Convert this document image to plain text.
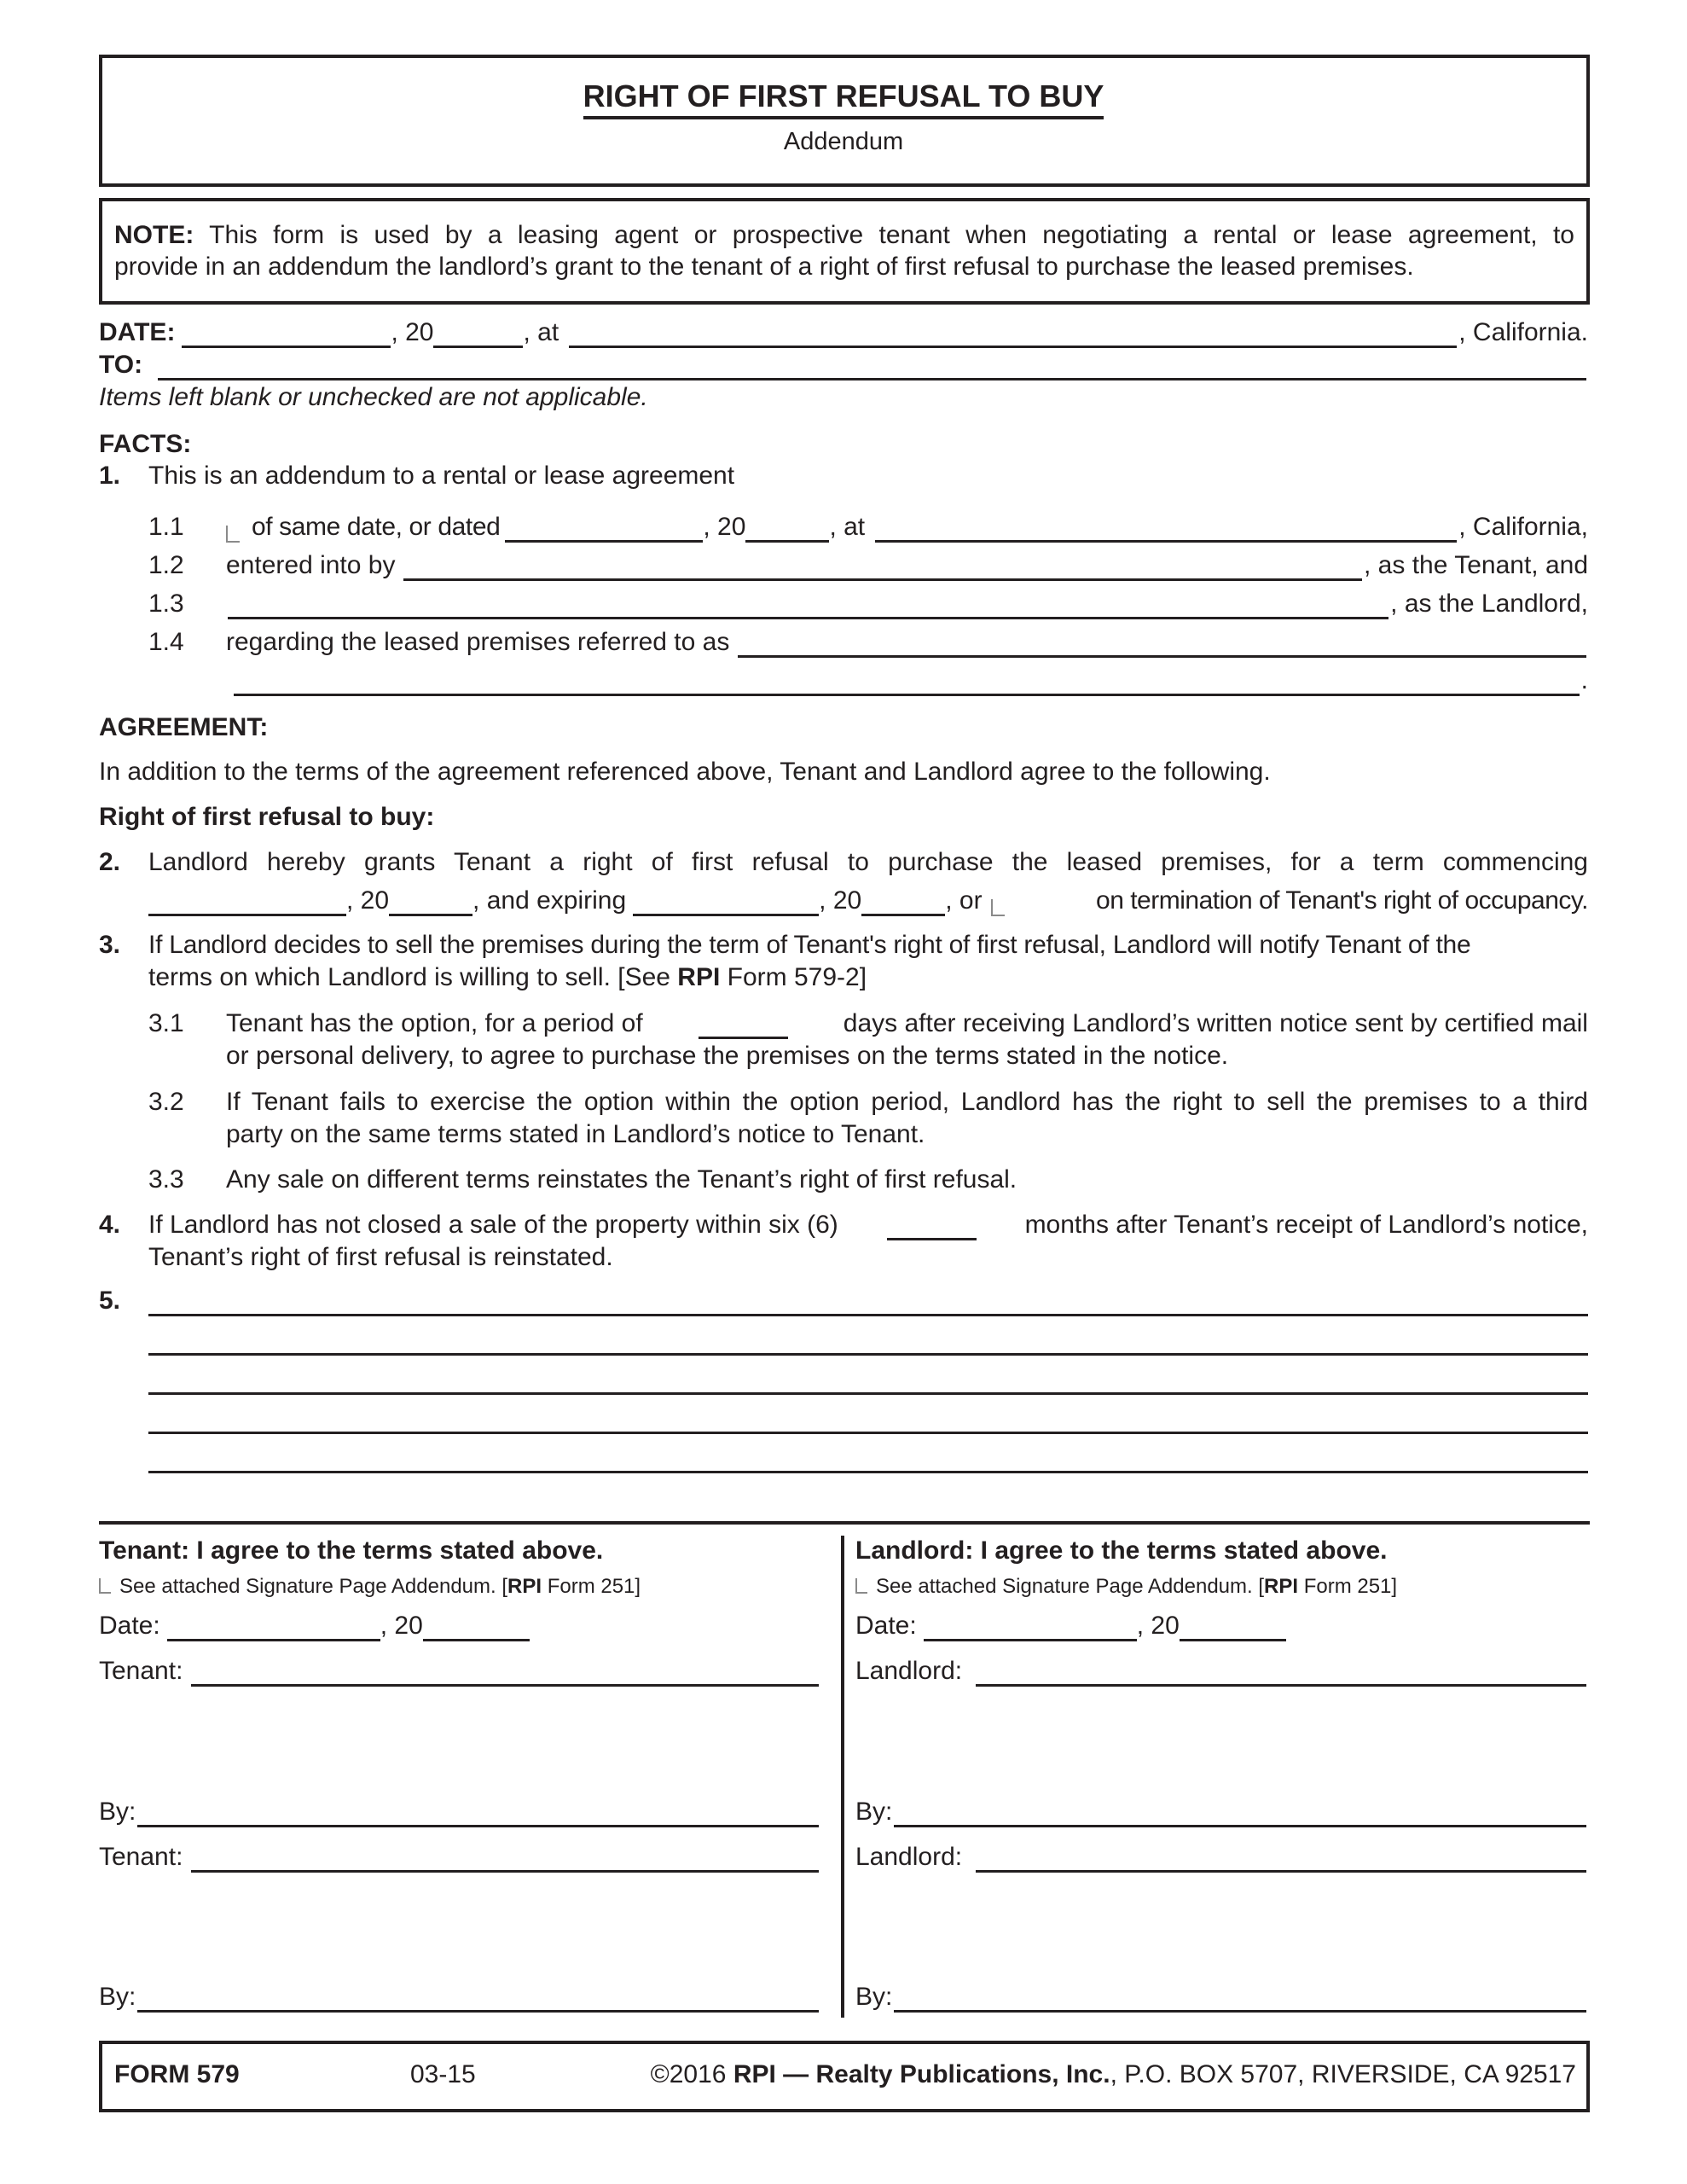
RIGHT OF FIRST REFUSAL TO BUY
Addendum
NOTE: This form is used by a leasing agent or prospective tenant when negotiating a rental or lease agreement, to
provide in an addendum the landlord’s grant to the tenant of a right of first refusal to purchase the leased premises.
DATE:	, 20	, at	, California.
TO:
Items left blank or unchecked are not applicable.
FACTS:
1. This is an addendum to a rental or lease agreement
1.1	of same date, or dated	, 20	, at	, California,
1.2	entered into by	, as the Tenant, and
1.3	, as the Landlord,
1.4	regarding the leased premises referred to as
.
AGREEMENT:
In addition to the terms of the agreement referenced above, Tenant and Landlord agree to the following.
Right of first refusal to buy:
2. Landlord hereby grants Tenant a right of first refusal to purchase the leased premises, for a term commencing
, 20	, and expiring	, 20	, or	on termination of Tenant's right of occupancy.
3. If Landlord decides to sell the premises during the term of Tenant's right of first refusal, Landlord will notify Tenant of the
terms on which Landlord is willing to sell. [See RPI Form 579-2]
3.1 Tenant has the option, for a period of	days after receiving Landlord’s written notice sent by certified mail
or personal delivery, to agree to purchase the premises on the terms stated in the notice.
3.2 If Tenant fails to exercise the option within the option period, Landlord has the right to sell the premises to a third
party on the same terms stated in Landlord’s notice to Tenant.
3.3 Any sale on different terms reinstates the Tenant’s right of first refusal.
4. If Landlord has not closed a sale of the property within six (6)	months after Tenant’s receipt of Landlord’s notice,
Tenant’s right of first refusal is reinstated.
5.
Tenant: I agree to the terms stated above.
See attached Signature Page Addendum. [RPI Form 251]
Date:	, 20
Tenant:
By:
Tenant:
By:
Landlord: I agree to the terms stated above.
See attached Signature Page Addendum. [RPI Form 251]
Date:	, 20
Landlord:
By:
Landlord:
By:
FORM 579	03-15	©2016 RPI — Realty Publications, Inc., P.O. BOX 5707, RIVERSIDE, CA 92517
